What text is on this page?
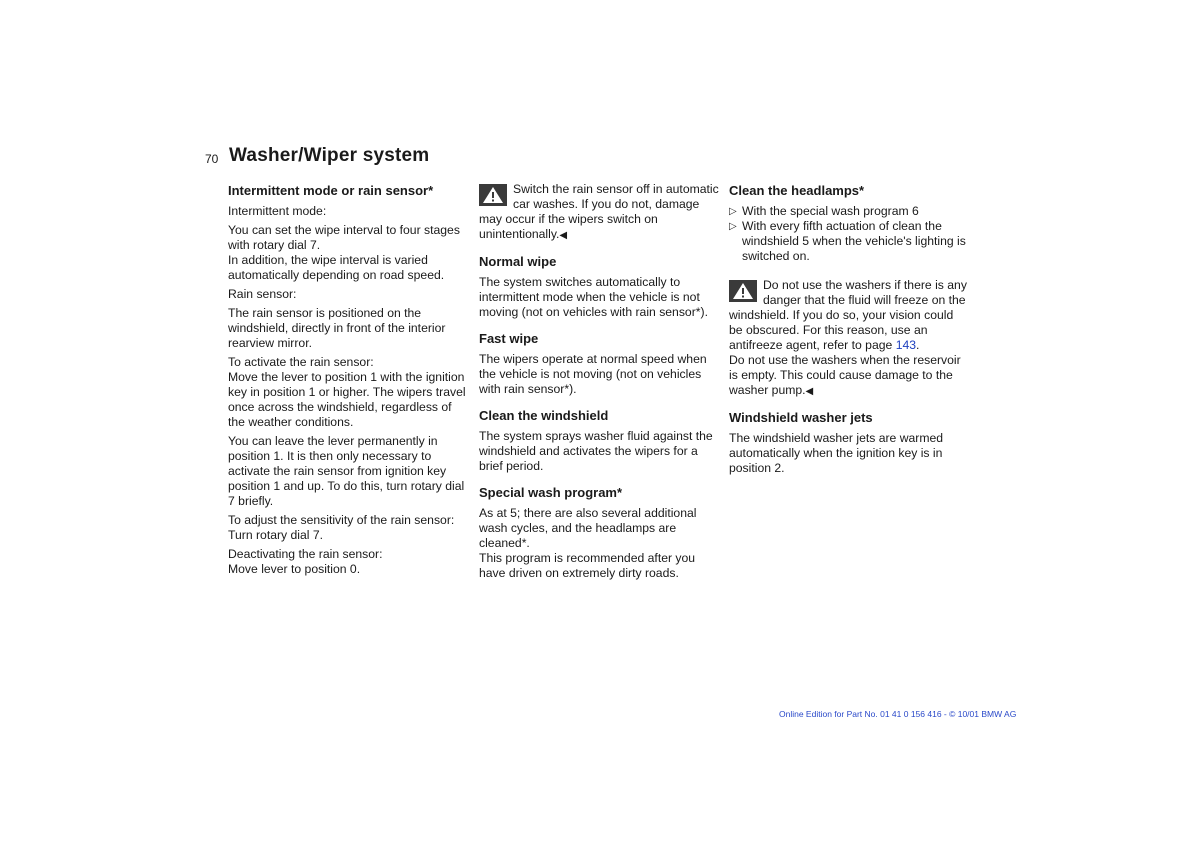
70 Washer/Wiper system
Intermittent mode or rain sensor*

Intermittent mode:

You can set the wipe interval to four stages with rotary dial 7.

In addition, the wipe interval is varied automatically depending on road speed.

Rain sensor:

The rain sensor is positioned on the windshield, directly in front of the interior rearview mirror.

To activate the rain sensor:

Move the lever to position 1 with the ignition key in position 1 or higher. The wipers travel once across the windshield, regardless of the weather conditions.

You can leave the lever permanently in position 1. It is then only necessary to activate the rain sensor from ignition key position 1 and up. To do this, turn rotary dial 7 briefly.

To adjust the sensitivity of the rain sensor:

Turn rotary dial 7.

Deactivating the rain sensor:

Move lever to position 0.

Switch the rain sensor off in automatic car washes. If you do not, damage may occur if the wipers switch on unintentionally.◀
Normal wipe

The system switches automatically to intermittent mode when the vehicle is not moving (not on vehicles with rain sensor*).

Fast wipe

The wipers operate at normal speed when the vehicle is not moving (not on vehicles with rain sensor*).

Clean the windshield

The system sprays washer fluid against the windshield and activates the wipers for a brief period.

Special wash program*

As at 5; there are also several additional wash cycles, and the headlamps are cleaned*.

This program is recommended after you have driven on extremely dirty roads.

Clean the headlamps*
▷ With the special wash program 6
▷ With every fifth actuation of clean the windshield 5 when the vehicle's lighting is switched on.
Do not use the washers if there is any danger that the fluid will freeze on the windshield. If you do so, your vision could be obscured. For this reason, use an antifreeze agent, refer to page 143.
Do not use the washers when the reservoir is empty. This could cause damage to the washer pump.◀
Windshield washer jets

The windshield washer jets are warmed automatically when the ignition key is in position 2.

Online Edition for Part No. 01 41 0 156 416 - © 10/01 BMW AG
